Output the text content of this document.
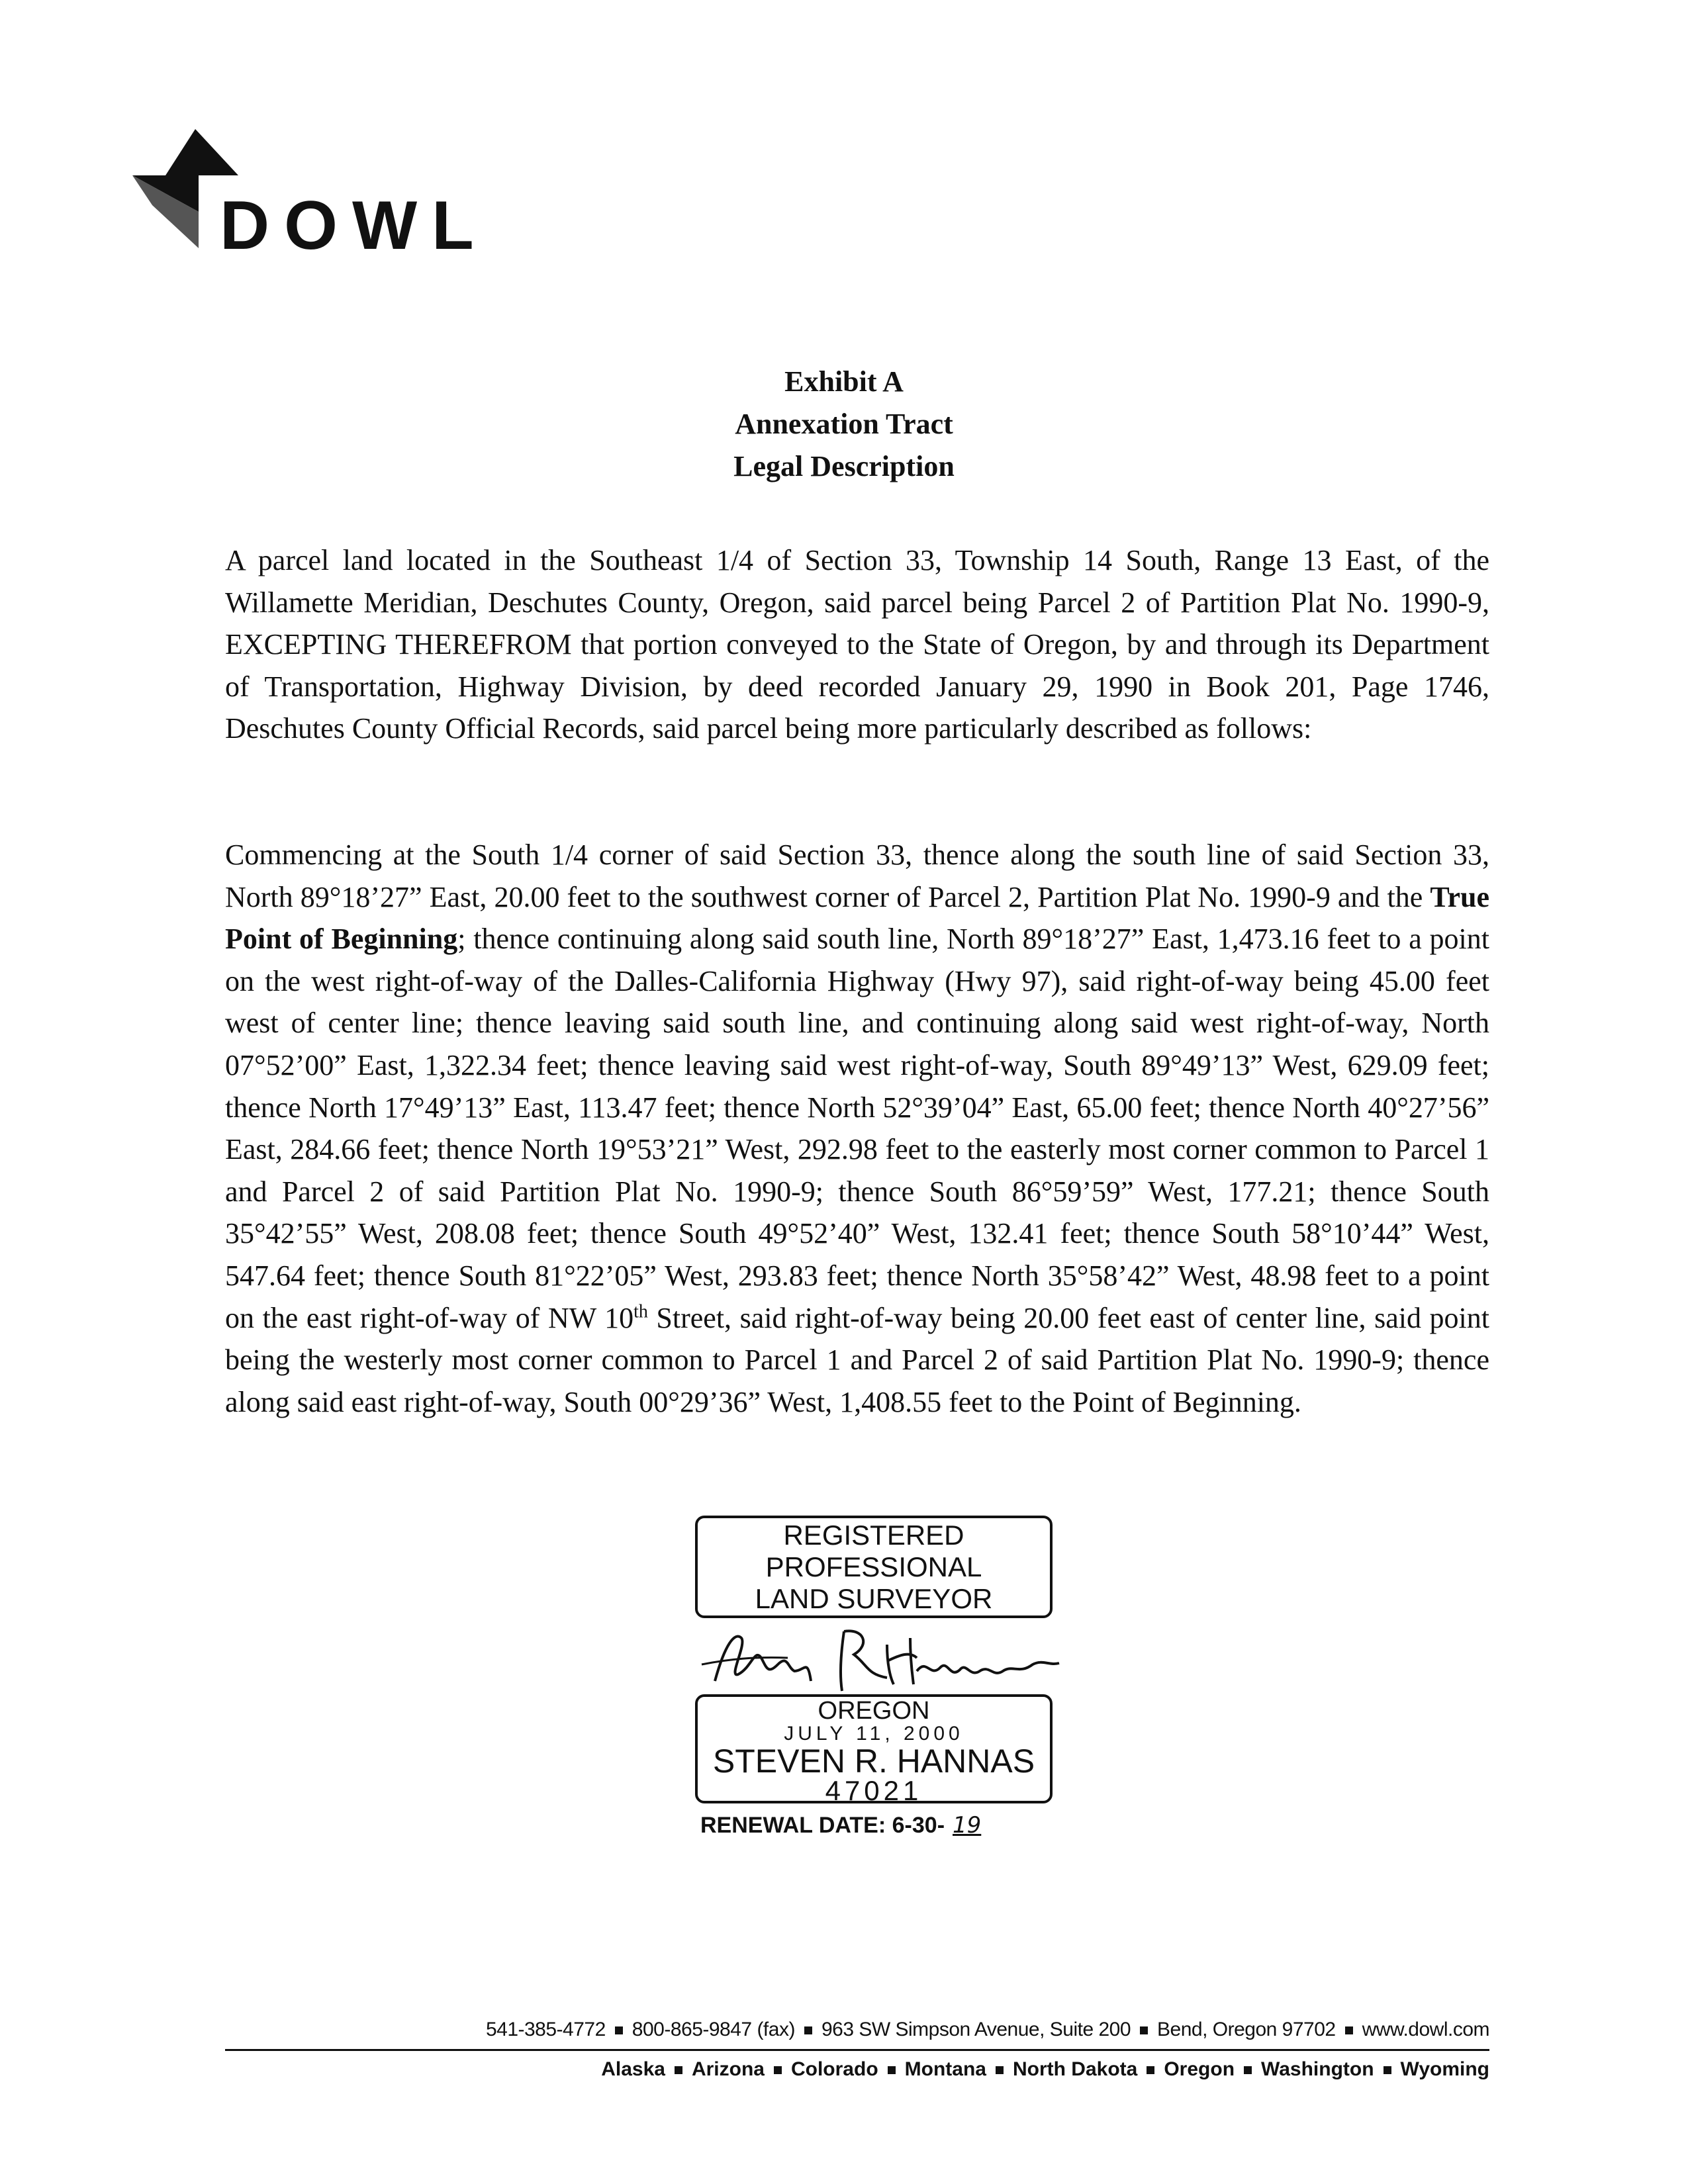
DOWL
Exhibit A
Annexation Tract
Legal Description

A parcel land located in the Southeast 1/4 of Section 33, Township 14 South, Range 13 East, of the Willamette Meridian, Deschutes County, Oregon, said parcel being Parcel 2 of Partition Plat No. 1990-9, EXCEPTING THEREFROM that portion conveyed to the State of Oregon, by and through its Department of Transportation, Highway Division, by deed recorded January 29, 1990 in Book 201, Page 1746, Deschutes County Official Records, said parcel being more particularly described as follows:

Commencing at the South 1/4 corner of said Section 33, thence along the south line of said Section 33, North 89°18’27” East, 20.00 feet to the southwest corner of Parcel 2, Partition Plat No. 1990-9 and the True Point of Beginning; thence continuing along said south line, North 89°18’27” East, 1,473.16 feet to a point on the west right-of-way of the Dalles-California Highway (Hwy 97), said right-of-way being 45.00 feet west of center line; thence leaving said south line, and continuing along said west right-of-way, North 07°52’00” East, 1,322.34 feet; thence leaving said west right-of-way, South 89°49’13” West, 629.09 feet; thence North 17°49’13” East, 113.47 feet; thence North 52°39’04” East, 65.00 feet; thence North 40°27’56” East, 284.66 feet; thence North 19°53’21” West, 292.98 feet to the easterly most corner common to Parcel 1 and Parcel 2 of said Partition Plat No. 1990-9; thence South 86°59’59” West, 177.21; thence South 35°42’55” West, 208.08 feet; thence South 49°52’40” West, 132.41 feet; thence South 58°10’44” West, 547.64 feet; thence South 81°22’05” West, 293.83 feet; thence North 35°58’42” West, 48.98 feet to a point on the east right-of-way of NW 10th Street, said right-of-way being 20.00 feet east of center line, said point being the westerly most corner common to Parcel 1 and Parcel 2 of said Partition Plat No. 1990-9; thence along said east right-of-way, South 00°29’36” West, 1,408.55 feet to the Point of Beginning.

REGISTERED
PROFESSIONAL
LAND SURVEYOR
OREGON
JULY 11, 2000
STEVEN R. HANNAS
47021
RENEWAL DATE: 6-30- 19
541-385-4772 800-865-9847 (fax) 963 SW Simpson Avenue, Suite 200 Bend, Oregon 97702 www.dowl.com
Alaska Arizona Colorado Montana North Dakota Oregon Washington Wyoming
